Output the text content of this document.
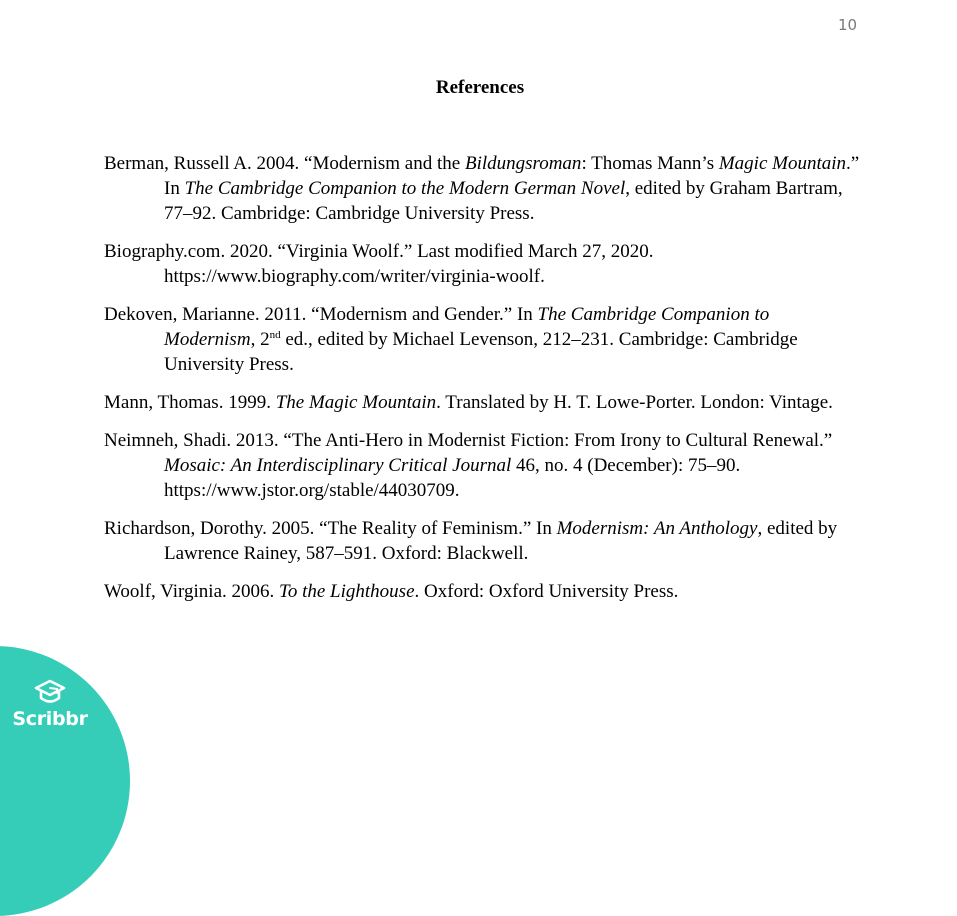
10
References

Berman, Russell A. 2004. “Modernism and the Bildungsroman: Thomas Mann’s Magic Mountain.” In The Cambridge Companion to the Modern German Novel, edited by Graham Bartram, 77–92. Cambridge: Cambridge University Press.

Biography.com. 2020. “Virginia Woolf.” Last modified March 27, 2020. https://www.biography.com/writer/virginia-woolf.

Dekoven, Marianne. 2011. “Modernism and Gender.” In The Cambridge Companion to Modernism, 2nd ed., edited by Michael Levenson, 212–231. Cambridge: Cambridge University Press.

Mann, Thomas. 1999. The Magic Mountain. Translated by H. T. Lowe-Porter. London: Vintage.

Neimneh, Shadi. 2013. “The Anti-Hero in Modernist Fiction: From Irony to Cultural Renewal.” Mosaic: An Interdisciplinary Critical Journal 46, no. 4 (December): 75–90. https://www.jstor.org/stable/44030709.

Richardson, Dorothy. 2005. “The Reality of Feminism.” In Modernism: An Anthology, edited by Lawrence Rainey, 587–591. Oxford: Blackwell.

Woolf, Virginia. 2006. To the Lighthouse. Oxford: Oxford University Press.

Scribbr
